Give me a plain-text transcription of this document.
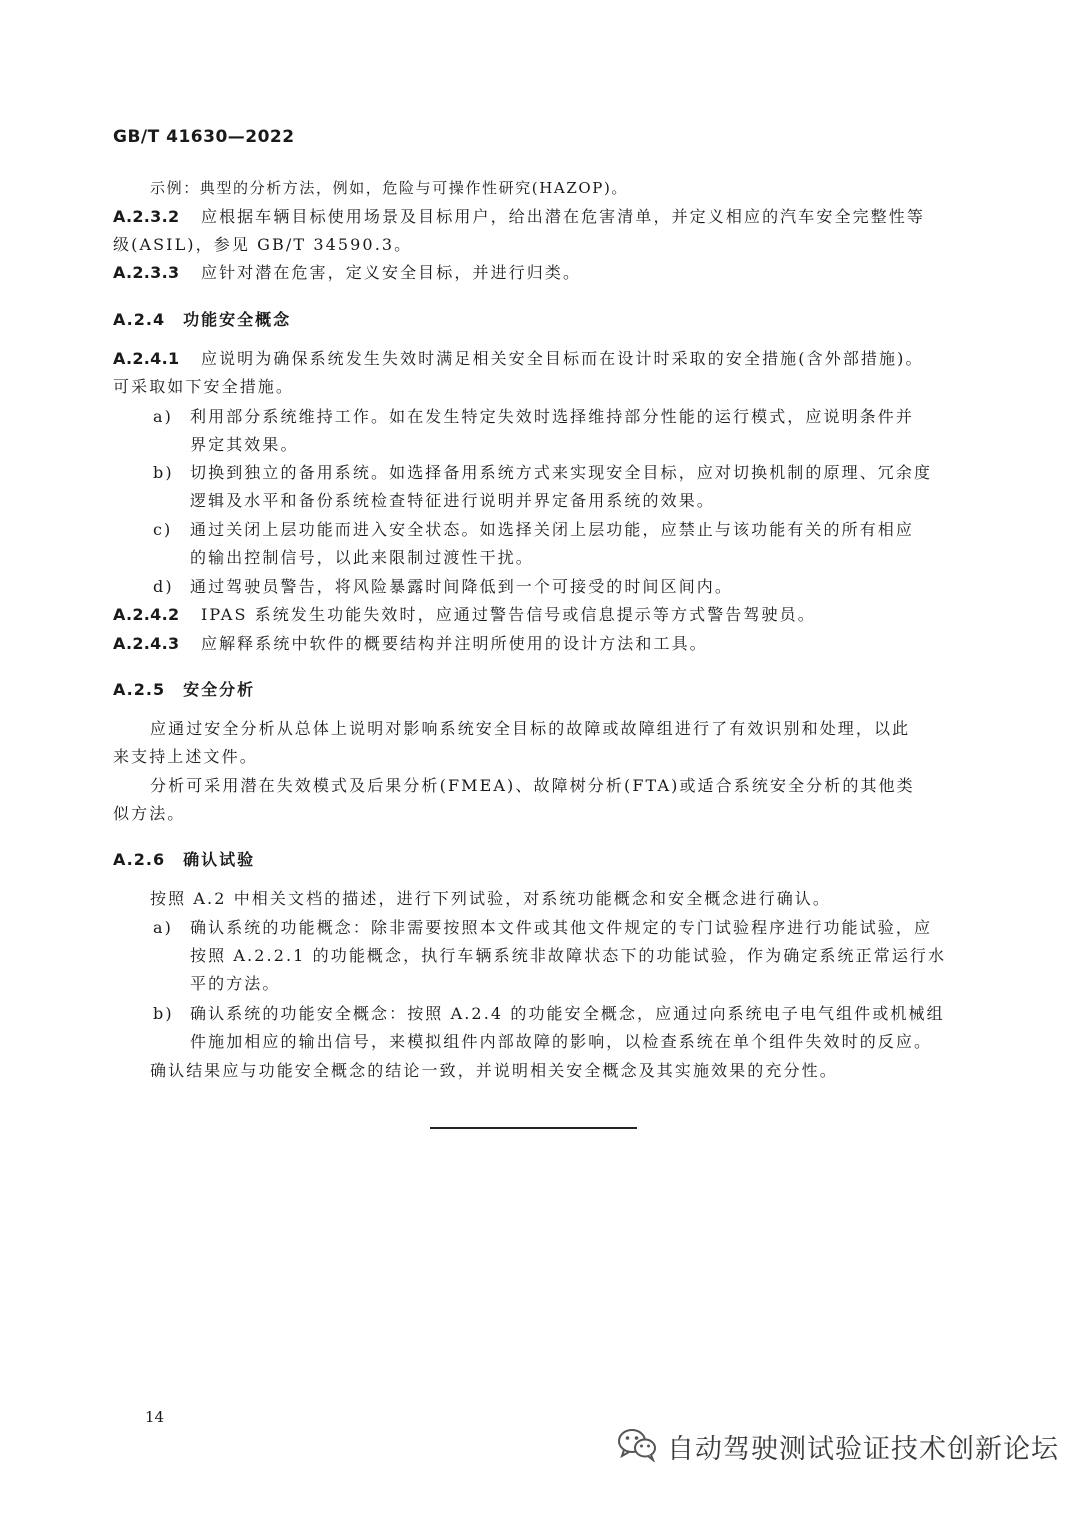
GB/T 41630—2022
示例：典型的分析方法，例如，危险与可操作性研究(HAZOP)。
A.2.3.2 应根据车辆目标使用场景及目标用户，给出潜在危害清单，并定义相应的汽车安全完整性等
级(ASIL)，参见 GB/T 34590.3。
A.2.3.3 应针对潜在危害，定义安全目标，并进行归类。
A.2.4 功能安全概念
A.2.4.1 应说明为确保系统发生失效时满足相关安全目标而在设计时采取的安全措施(含外部措施)。
可采取如下安全措施。
a) 利用部分系统维持工作。如在发生特定失效时选择维持部分性能的运行模式，应说明条件并
界定其效果。
b) 切换到独立的备用系统。如选择备用系统方式来实现安全目标，应对切换机制的原理、冗余度
逻辑及水平和备份系统检查特征进行说明并界定备用系统的效果。
c) 通过关闭上层功能而进入安全状态。如选择关闭上层功能，应禁止与该功能有关的所有相应
的输出控制信号，以此来限制过渡性干扰。
d) 通过驾驶员警告，将风险暴露时间降低到一个可接受的时间区间内。
A.2.4.2 IPAS 系统发生功能失效时，应通过警告信号或信息提示等方式警告驾驶员。
A.2.4.3 应解释系统中软件的概要结构并注明所使用的设计方法和工具。
A.2.5 安全分析
应通过安全分析从总体上说明对影响系统安全目标的故障或故障组进行了有效识别和处理，以此
来支持上述文件。
分析可采用潜在失效模式及后果分析(FMEA)、故障树分析(FTA)或适合系统安全分析的其他类
似方法。
A.2.6 确认试验
按照 A.2 中相关文档的描述，进行下列试验，对系统功能概念和安全概念进行确认。
a) 确认系统的功能概念：除非需要按照本文件或其他文件规定的专门试验程序进行功能试验，应
按照 A.2.2.1 的功能概念，执行车辆系统非故障状态下的功能试验，作为确定系统正常运行水
平的方法。
b) 确认系统的功能安全概念：按照 A.2.4 的功能安全概念，应通过向系统电子电气组件或机械组
件施加相应的输出信号，来模拟组件内部故障的影响，以检查系统在单个组件失效时的反应。
确认结果应与功能安全概念的结论一致，并说明相关安全概念及其实施效果的充分性。
14
自动驾驶测试验证技术创新论坛
